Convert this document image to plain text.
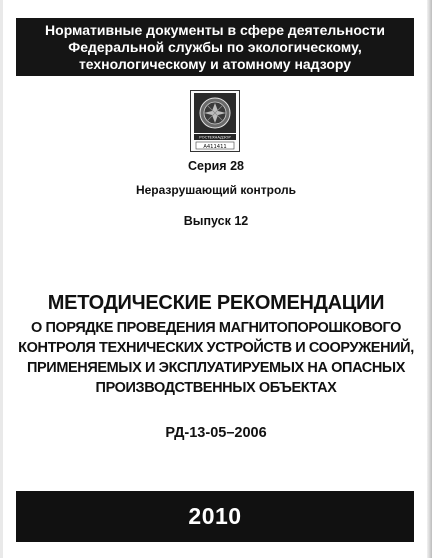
Нормативные документы в сфере деятельности
Федеральной службы по экологическому,
технологическому и атомному надзору
РОСТЕХНАДЗОР
А411411
Серия 28
Неразрушающий контроль
Выпуск 12
МЕТОДИЧЕСКИЕ РЕКОМЕНДАЦИИ
О ПОРЯДКЕ ПРОВЕДЕНИЯ МАГНИТОПОРОШКОВОГО
КОНТРОЛЯ ТЕХНИЧЕСКИХ УСТРОЙСТВ И СООРУЖЕНИЙ,
ПРИМЕНЯЕМЫХ И ЭКСПЛУАТИРУЕМЫХ НА ОПАСНЫХ
ПРОИЗВОДСТВЕННЫХ ОБЪЕКТАХ
РД-13-05–2006
2010
